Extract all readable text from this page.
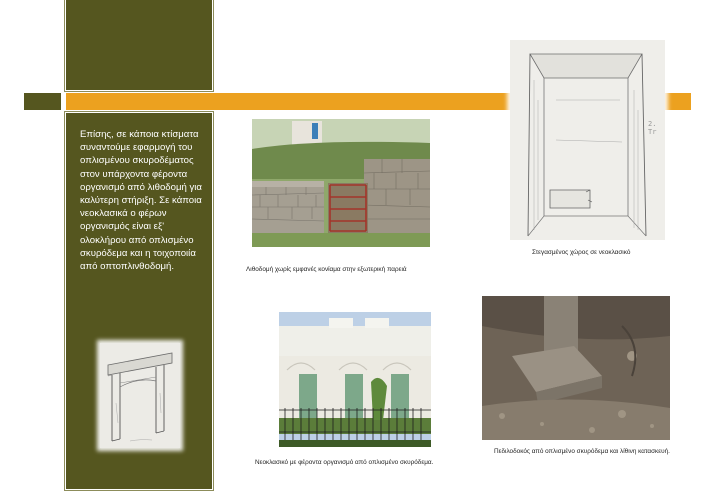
Επίσης, σε κάποια κτίσματα συναντούμε εφαρμογή του οπλισμένου σκυροδέματος στον υπάρχοντα φέροντα οργανισμό από λιθοδομή για καλύτερη στήριξη. Σε κάποια νεοκλασικά ο φέρων οργανισμός είναι εξ' ολοκλήρου από οπλισμένο σκυρόδεμα και η τοιχοποιία από οπτοπλινθοδομή.	Λιθοδομή χωρίς εμφανές κονίαμα στην εξωτερική παρειά
2.
Tr
Στεγασμένος χώρος σε νεοκλασικό
Νεοκλασικό με φέροντα οργανισμό από οπλισμένο σκυρόδεμα.
Πεδιλοδοκός από οπλισμένο σκυρόδεμα και λίθινη κατασκευή.
